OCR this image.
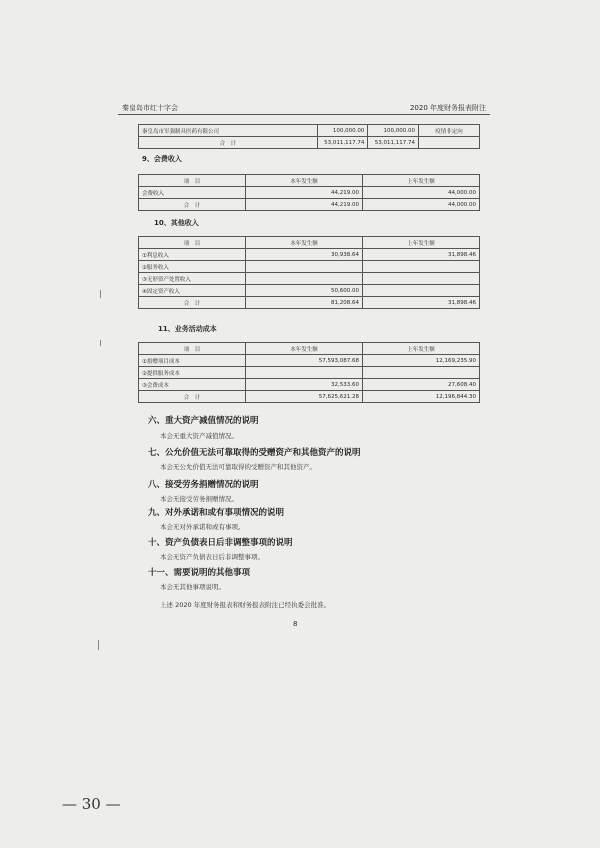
秦皇岛市红十字会	2020 年度财务报表附注
秦皇岛市军强制具医药有限公司	100,000.00	100,000.00	疫情非定向
合　计	53,011,117.74	53,011,117.74	
9、会费收入
项　目	本年发生额	上年发生额
会费收入	44,219.00	44,000.00
合　计	44,219.00	44,000.00
10、其他收入
项　目	本年发生额	上年发生额
①利息收入	30,938.64	31,898.46
②服务收入		
③无形资产处置收入		
④固定资产收入	50,600.00	
合　计	81,208.64	31,898.46
11、业务活动成本
项　目	本年发生额	上年发生额
①捐赠项目成本	57,593,087.68	12,169,235.90
②提供服务成本		
③会费成本	32,533.60	27,608.40
合　计	57,625,621.28	12,196,844.30
六、重大资产减值情况的说明
本会无重大资产减值情况。
七、公允价值无法可靠取得的受赠资产和其他资产的说明
本会无公允价值无法可靠取得的受赠资产和其他资产。
八、接受劳务捐赠情况的说明
本会无接受劳务捐赠情况。
九、对外承诺和或有事项情况的说明
本会无对外承诺和或有事项。
十、资产负债表日后非调整事项的说明
本会无资产负债表日后非调整事项。
十一、需要说明的其他事项
本会无其他事项说明。
上述 2020 年度财务报表和财务报表附注已经执委会批准。
8
— 30 —
